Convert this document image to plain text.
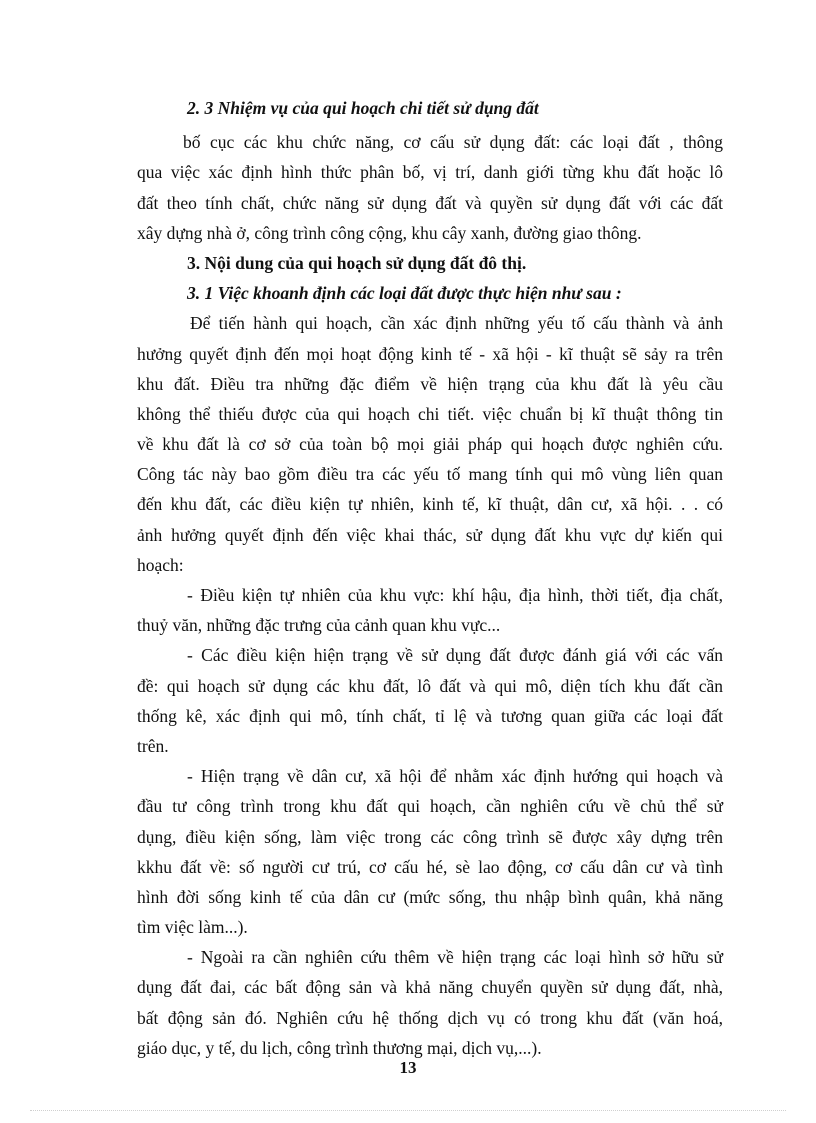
2. 3 Nhiệm vụ của qui hoạch chi tiết sử dụng đất
bố cục các khu chức năng, cơ cấu sử dụng đất: các loại đất , thông
qua việc xác định hình thức phân bố, vị trí, danh giới từng khu đất hoặc lô
đất theo tính chất, chức năng sử dụng đất và quyền sử dụng đất với các đất
xây dựng nhà ở, công trình công cộng, khu cây xanh, đường giao thông.
3. Nội dung của qui hoạch sử dụng đất đô thị.
3. 1 Việc khoanh định các loại đất được thực hiện như sau :
Để tiến hành qui hoạch, cần xác định những yếu tố cấu thành và ảnh
hưởng quyết định đến mọi hoạt động kinh tế - xã hội - kĩ thuật sẽ sảy ra trên
khu đất. Điều tra những đặc điểm về hiện trạng của khu đất là yêu cầu
không thể thiếu được của qui hoạch chi tiết. việc chuẩn bị kĩ thuật thông tin
về khu đất là cơ sở của toàn bộ mọi giải pháp qui hoạch được nghiên cứu.
Công tác này bao gồm điều tra các yếu tố mang tính qui mô vùng liên quan
đến khu đất, các điều kiện tự nhiên, kinh tế, kĩ thuật, dân cư, xã hội. . . có
ảnh hưởng quyết định đến việc khai thác, sử dụng đất khu vực dự kiến qui
hoạch:
- Điều kiện tự nhiên của khu vực: khí hậu, địa hình, thời tiết, địa chất,
thuỷ văn, những đặc trưng của cảnh quan khu vực...
- Các điều kiện hiện trạng về sử dụng đất được đánh giá với các vấn
đề: qui hoạch sử dụng các khu đất, lô đất và qui mô, diện tích khu đất cần
thống kê, xác định qui mô, tính chất, tỉ lệ và tương quan giữa các loại đất
trên.
- Hiện trạng về dân cư, xã hội để nhằm xác định hướng qui hoạch và
đầu tư công trình trong khu đất qui hoạch, cần nghiên cứu về chủ thể sử
dụng, điều kiện sống, làm việc trong các công trình sẽ được xây dựng trên
kkhu đất về: số người cư trú, cơ cấu hé, sè lao động, cơ cấu dân cư và tình
hình đời sống kinh tế của dân cư (mức sống, thu nhập bình quân, khả năng
tìm việc làm...).
- Ngoài ra cần nghiên cứu thêm về hiện trạng các loại hình sở hữu sử
dụng đất đai, các bất động sản và khả năng chuyển quyền sử dụng đất, nhà,
bất động sản đó. Nghiên cứu hệ thống dịch vụ có trong khu đất (văn hoá,
giáo dục, y tế, du lịch, công trình thương mại, dịch vụ,...).
13
